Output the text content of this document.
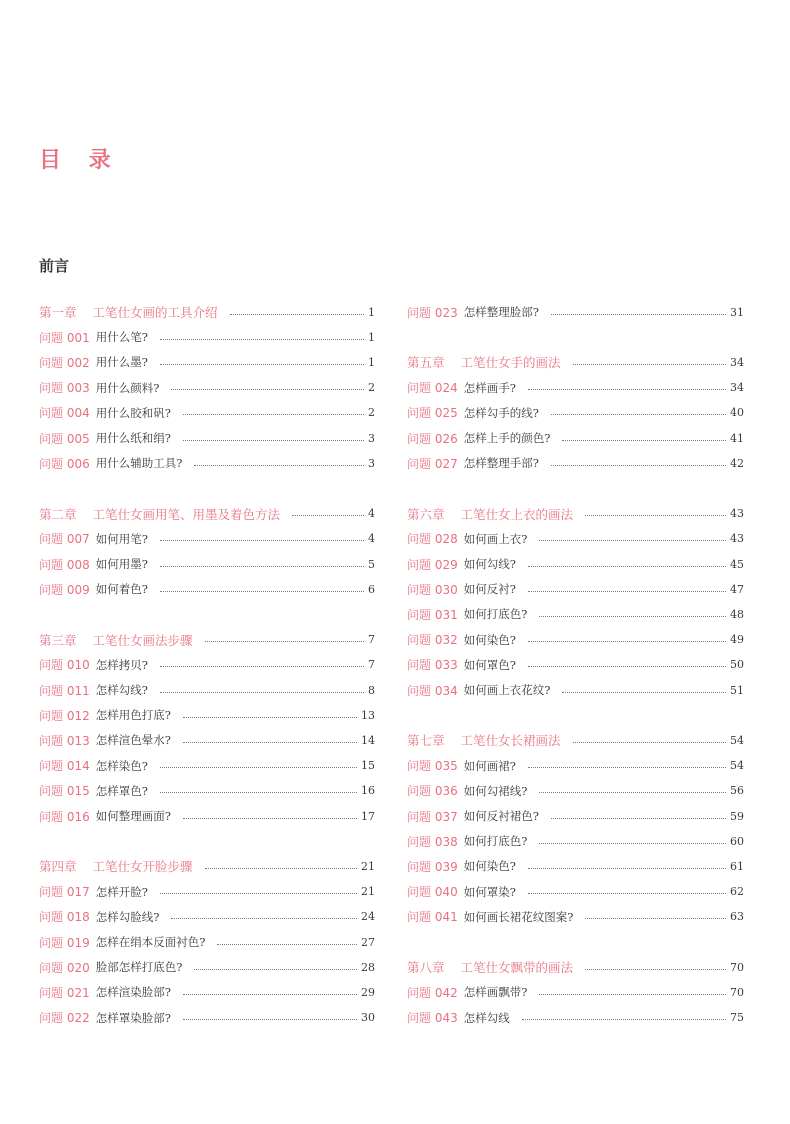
目 录
前言
第一章 工笔仕女画的工具介绍	1
问题 001 用什么笔?	1
问题 002 用什么墨?	1
问题 003 用什么颜料?	2
问题 004 用什么胶和矾?	2
问题 005 用什么纸和绢?	3
问题 006 用什么辅助工具?	3
第二章 工笔仕女画用笔、用墨及着色方法	4
问题 007 如何用笔?	4
问题 008 如何用墨?	5
问题 009 如何着色?	6
第三章 工笔仕女画法步骤	7
问题 010 怎样拷贝?	7
问题 011 怎样勾线?	8
问题 012 怎样用色打底?	13
问题 013 怎样渲色晕水?	14
问题 014 怎样染色?	15
问题 015 怎样罩色?	16
问题 016 如何整理画面?	17
第四章 工笔仕女开脸步骤	21
问题 017 怎样开脸?	21
问题 018 怎样勾脸线?	24
问题 019 怎样在绢本反面衬色?	27
问题 020 脸部怎样打底色?	28
问题 021 怎样渲染脸部?	29
问题 022 怎样罩染脸部?	30
问题 023 怎样整理脸部?	31
第五章 工笔仕女手的画法	34
问题 024 怎样画手?	34
问题 025 怎样勾手的线?	40
问题 026 怎样上手的颜色?	41
问题 027 怎样整理手部?	42
第六章 工笔仕女上衣的画法	43
问题 028 如何画上衣?	43
问题 029 如何勾线?	45
问题 030 如何反衬?	47
问题 031 如何打底色?	48
问题 032 如何染色?	49
问题 033 如何罩色?	50
问题 034 如何画上衣花纹?	51
第七章 工笔仕女长裙画法	54
问题 035 如何画裙?	54
问题 036 如何勾裙线?	56
问题 037 如何反衬裙色?	59
问题 038 如何打底色?	60
问题 039 如何染色?	61
问题 040 如何罩染?	62
问题 041 如何画长裙花纹图案?	63
第八章 工笔仕女飘带的画法	70
问题 042 怎样画飘带?	70
问题 043 怎样勾线	75
